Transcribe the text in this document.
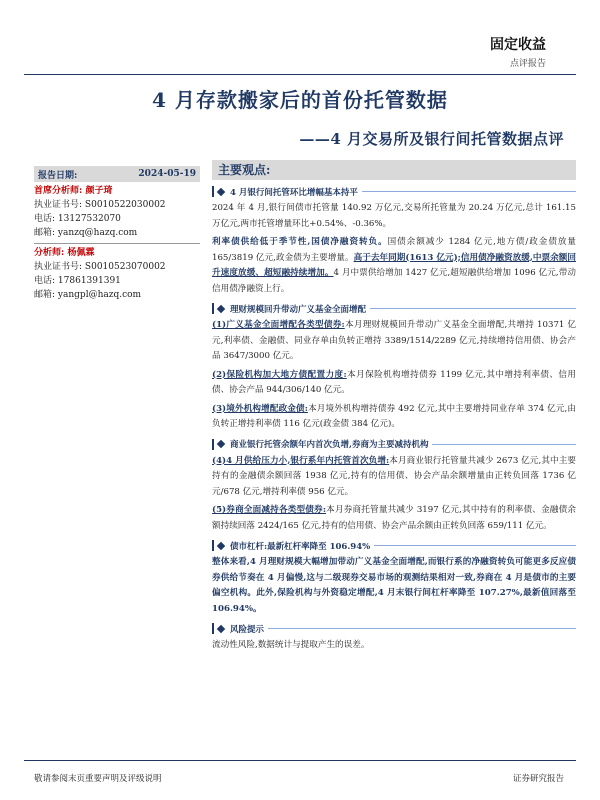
固定收益
点评报告
4 月存款搬家后的首份托管数据
——4 月交易所及银行间托管数据点评
报告日期:	2024-05-19
首席分析师: 颜子琦
执业证书号: S0010522030002
电话: 13127532070
邮箱: yanzq@hazq.com
分析师: 杨佩霖
执业证书号: S0010523070002
电话: 17861391391
邮箱: yangpl@hazq.com
主要观点:
4 月银行间托管环比增幅基本持平

2024 年 4 月,银行间债市托管量 140.92 万亿元,交易所托管量为 20.24 万亿元,总计 161.15 万亿元,两市托管增量环比+0.54%、-0.36%。

利率债供给低于季节性,国债净融资转负。国债余额减少 1284 亿元,地方债/政金债放量 165/3819 亿元,政金债为主要增量。高于去年同期(1613 亿元);信用债净融资放缓,中票余额回升速度放缓、超短融持续增加。4 月中票供给增加 1427 亿元,超短融供给增加 1096 亿元,带动信用债净融资上行。

理财规模回升带动广义基金全面增配

(1)广义基金全面增配各类型债券:本月理财规模回升带动广义基金全面增配,共增持 10371 亿元,利率债、金融债、同业存单由负转正增持 3389/1514/2289 亿元,持续增持信用债、协会产品 3647/3000 亿元。

(2)保险机构加大地方债配置力度:本月保险机构增持债券 1199 亿元,其中增持利率债、信用债、协会产品 944/306/140 亿元。

(3)境外机构增配政金债:本月境外机构增持债券 492 亿元,其中主要增持同业存单 374 亿元,由负转正增持利率债 116 亿元(政金债 384 亿元)。

商业银行托管余额年内首次负增,券商为主要减持机构

(4)4 月供给压力小,银行系年内托管首次负增:本月商业银行托管量共减少 2673 亿元,其中主要持有的金融债余额回落 1938 亿元,持有的信用债、协会产品余额增量由正转负回落 1736 亿元/678 亿元,增持利率债 956 亿元。

(5)券商全面减持各类型债券:本月券商托管量共减少 3197 亿元,其中持有的利率债、金融债余额持续回落 2424/165 亿元,持有的信用债、协会产品余额由正转负回落 659/111 亿元。

债市杠杆:最新杠杆率降至 106.94%

整体来看,4 月理财规模大幅增加带动广义基金全面增配,而银行系的净融资转负可能更多反应债券供给节奏在 4 月偏慢,这与二级现券交易市场的观测结果相对一致,券商在 4 月是债市的主要偏空机构。此外,保险机构与外资稳定增配,4 月末银行间杠杆率降至 107.27%,最新值回落至 106.94%。

风险提示

流动性风险,数据统计与提取产生的误差。

敬请参阅末页重要声明及评级说明	证券研究报告
